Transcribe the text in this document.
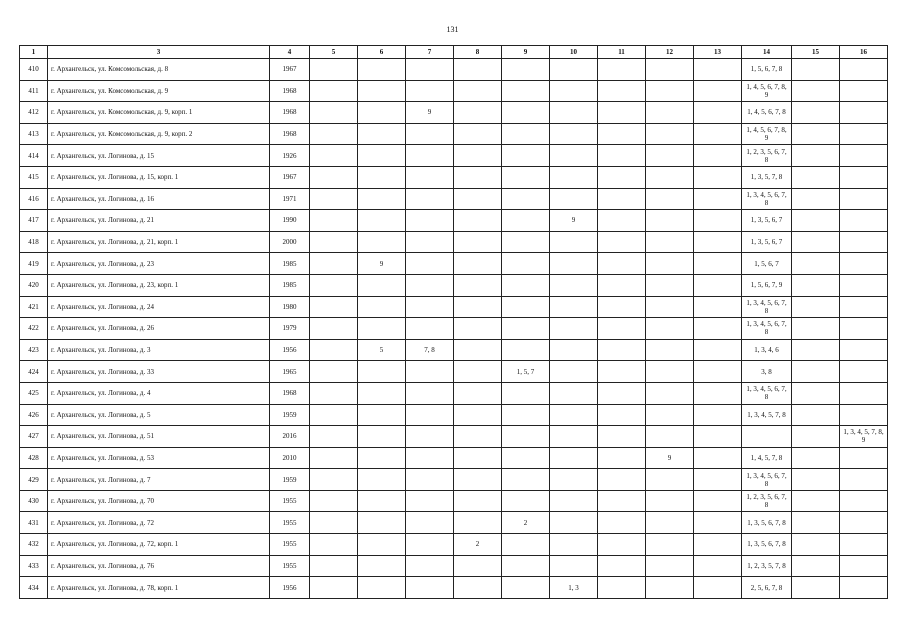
131
1	3	4	5	6	7	8	9	10	11	12	13	14	15	16
410	г. Архангельск, ул. Комсомольская, д. 8	1967										1, 5, 6, 7, 8		
411	г. Архангельск, ул. Комсомольская, д. 9	1968										1, 4, 5, 6, 7, 8, 9		
412	г. Архангельск, ул. Комсомольская, д. 9, корп. 1	1968			9							1, 4, 5, 6, 7, 8		
413	г. Архангельск, ул. Комсомольская, д. 9, корп. 2	1968										1, 4, 5, 6, 7, 8, 9		
414	г. Архангельск, ул. Логинова, д. 15	1926										1, 2, 3, 5, 6, 7, 8		
415	г. Архангельск, ул. Логинова, д. 15, корп. 1	1967										1, 3, 5, 7, 8		
416	г. Архангельск, ул. Логинова, д. 16	1971										1, 3, 4, 5, 6, 7, 8		
417	г. Архангельск, ул. Логинова, д. 21	1990						9				1, 3, 5, 6, 7		
418	г. Архангельск, ул. Логинова, д. 21, корп. 1	2000										1, 3, 5, 6, 7		
419	г. Архангельск, ул. Логинова, д. 23	1985		9								1, 5, 6, 7		
420	г. Архангельск, ул. Логинова, д. 23, корп. 1	1985										1, 5, 6, 7, 9		
421	г. Архангельск, ул. Логинова, д. 24	1980										1, 3, 4, 5, 6, 7, 8		
422	г. Архангельск, ул. Логинова, д. 26	1979										1, 3, 4, 5, 6, 7, 8		
423	г. Архангельск, ул. Логинова, д. 3	1956		5	7, 8							1, 3, 4, 6		
424	г. Архангельск, ул. Логинова, д. 33	1965					1, 5, 7					3, 8		
425	г. Архангельск, ул. Логинова, д. 4	1968										1, 3, 4, 5, 6, 7, 8		
426	г. Архангельск, ул. Логинова, д. 5	1959										1, 3, 4, 5, 7, 8		
427	г. Архангельск, ул. Логинова, д. 51	2016												1, 3, 4, 5, 7, 8, 9
428	г. Архангельск, ул. Логинова, д. 53	2010								9		1, 4, 5, 7, 8		
429	г. Архангельск, ул. Логинова, д. 7	1959										1, 3, 4, 5, 6, 7, 8		
430	г. Архангельск, ул. Логинова, д. 70	1955										1, 2, 3, 5, 6, 7, 8		
431	г. Архангельск, ул. Логинова, д. 72	1955					2					1, 3, 5, 6, 7, 8		
432	г. Архангельск, ул. Логинова, д. 72, корп. 1	1955				2						1, 3, 5, 6, 7, 8		
433	г. Архангельск, ул. Логинова, д. 76	1955										1, 2, 3, 5, 7, 8		
434	г. Архангельск, ул. Логинова, д. 78, корп. 1	1956						1, 3				2, 5, 6, 7, 8		
